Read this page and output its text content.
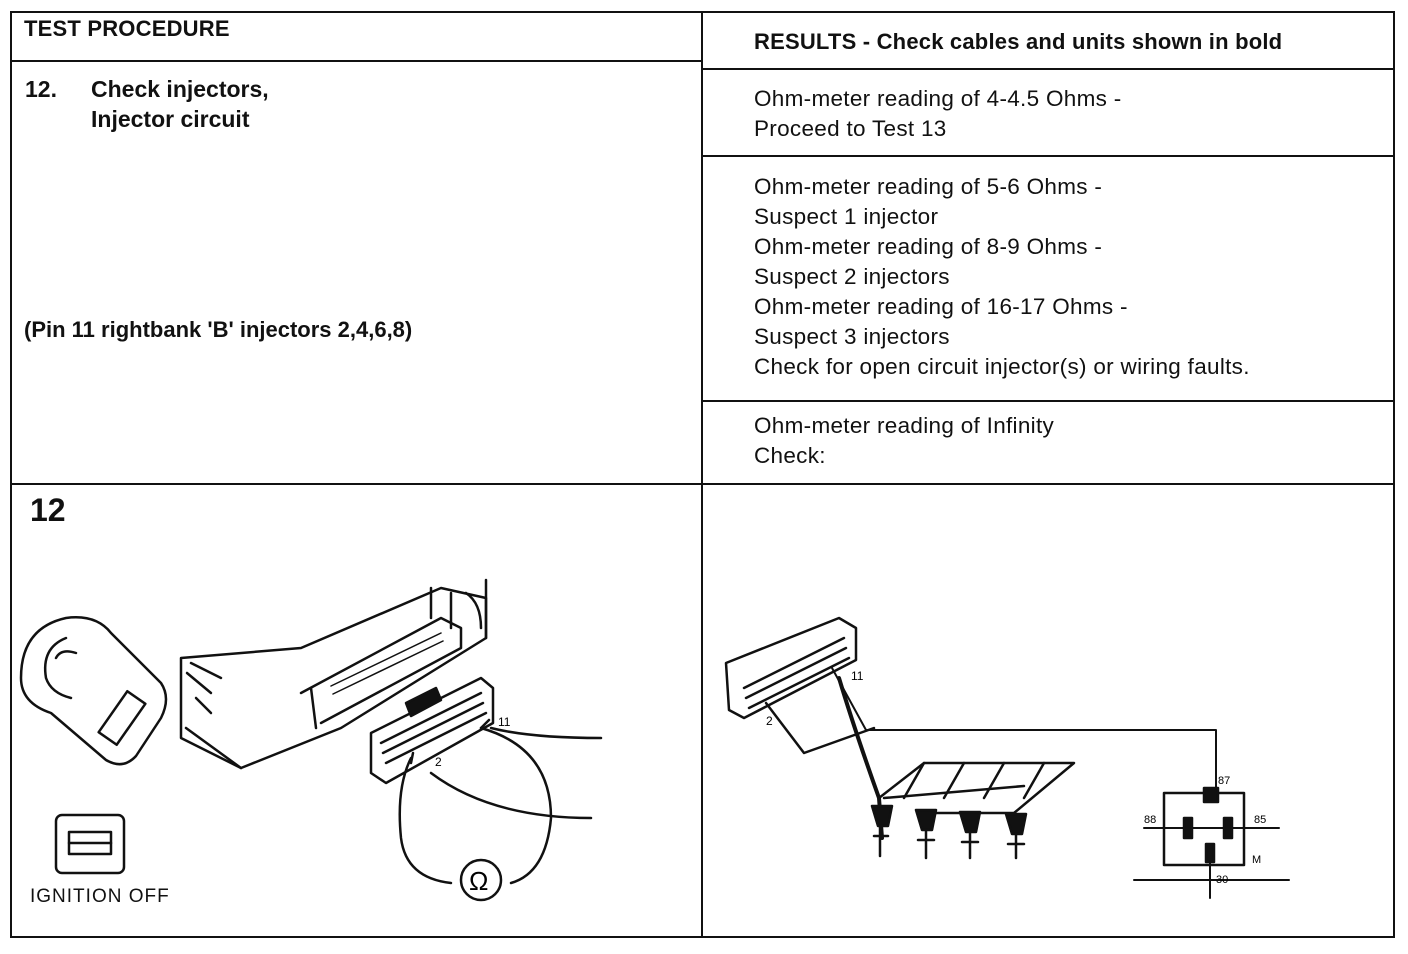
TEST PROCEDURE
RESULTS - Check cables and units shown in bold
12. Check injectors,
Injector circuit
(Pin 11 rightbank 'B' injectors 2,4,6,8)
Ohm-meter reading of 4-4.5 Ohms -
Proceed to Test 13
Ohm-meter reading of 5-6 Ohms -
Suspect 1 injector
Ohm-meter reading of 8-9 Ohms -
Suspect 2 injectors
Ohm-meter reading of 16-17 Ohms -
Suspect 3 injectors
Check for open circuit injector(s) or wiring faults.
Ohm-meter reading of Infinity
Check:
12
2
11
Ω
IGNITION OFF
2
11
87
88	85
30
M
